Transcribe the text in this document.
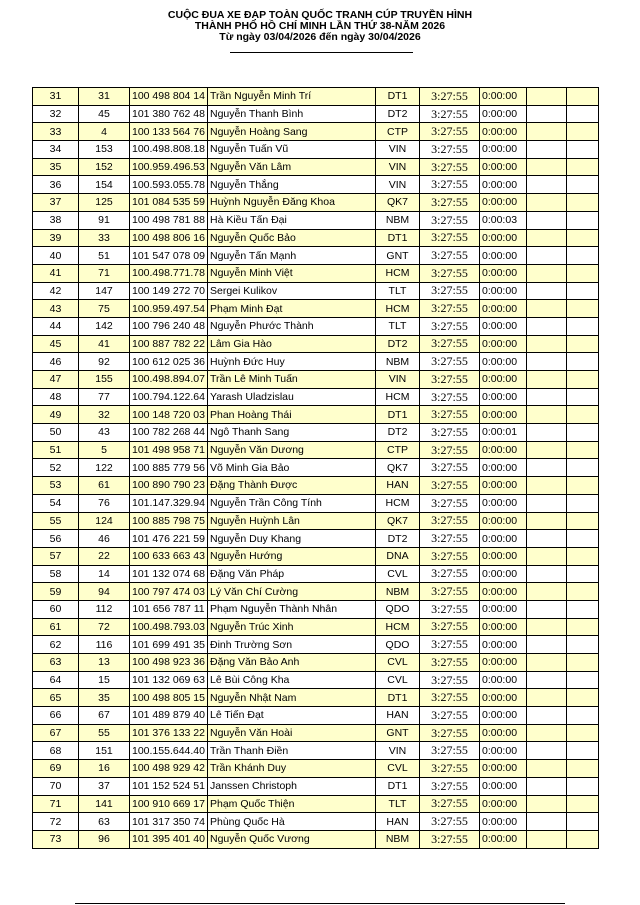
CUỘC ĐUA XE ĐẠP TOÀN QUỐC TRANH CÚP TRUYỀN HÌNH
THÀNH PHỐ HỒ CHÍ MINH LẦN THỨ 38-NĂM 2026
Từ ngày 03/04/2026 đến ngày 30/04/2026
31	31	100 498 804 14	Trần Nguyễn Minh Trí	DT1	3:27:55	0:00:00		
32	45	101 380 762 48	Nguyễn Thanh Bình	DT2	3:27:55	0:00:00		
33	4	100 133 564 76	Nguyễn Hoàng Sang	CTP	3:27:55	0:00:00		
34	153	100.498.808.18	Nguyễn Tuấn Vũ	VIN	3:27:55	0:00:00		
35	152	100.959.496.53	Nguyễn Văn Lâm	VIN	3:27:55	0:00:00		
36	154	100.593.055.78	Nguyễn Thắng	VIN	3:27:55	0:00:00		
37	125	101 084 535 59	Huỳnh Nguyễn Đăng Khoa	QK7	3:27:55	0:00:00		
38	91	100 498 781 88	Hà Kiều Tấn Đại	NBM	3:27:55	0:00:03		
39	33	100 498 806 16	Nguyễn Quốc Bảo	DT1	3:27:55	0:00:00		
40	51	101 547 078 09	Nguyễn Tấn Mạnh	GNT	3:27:55	0:00:00		
41	71	100.498.771.78	Nguyễn Minh Việt	HCM	3:27:55	0:00:00		
42	147	100 149 272 70	Sergei Kulikov	TLT	3:27:55	0:00:00		
43	75	100.959.497.54	Phạm Minh Đạt	HCM	3:27:55	0:00:00		
44	142	100 796 240 48	Nguyễn Phước Thành	TLT	3:27:55	0:00:00		
45	41	100 887 782 22	Lâm Gia Hào	DT2	3:27:55	0:00:00		
46	92	100 612 025 36	Huỳnh Đức Huy	NBM	3:27:55	0:00:00		
47	155	100.498.894.07	Trần Lê Minh Tuấn	VIN	3:27:55	0:00:00		
48	77	100.794.122.64	Yarash Uladzislau	HCM	3:27:55	0:00:00		
49	32	100 148 720 03	Phan Hoàng Thái	DT1	3:27:55	0:00:00		
50	43	100 782 268 44	Ngô Thanh Sang	DT2	3:27:55	0:00:01		
51	5	101 498 958 71	Nguyễn Văn Dương	CTP	3:27:55	0:00:00		
52	122	100 885 779 56	Võ Minh Gia Bảo	QK7	3:27:55	0:00:00		
53	61	100 890 790 23	Đặng Thành Được	HAN	3:27:55	0:00:00		
54	76	101.147.329.94	Nguyễn Trần Công Tính	HCM	3:27:55	0:00:00		
55	124	100 885 798 75	Nguyễn Huỳnh Lân	QK7	3:27:55	0:00:00		
56	46	101 476 221 59	Nguyễn Duy Khang	DT2	3:27:55	0:00:00		
57	22	100 633 663 43	Nguyễn Hướng	DNA	3:27:55	0:00:00		
58	14	101 132 074 68	Đặng Văn Pháp	CVL	3:27:55	0:00:00		
59	94	100 797 474 03	Lý Văn Chí Cường	NBM	3:27:55	0:00:00		
60	112	101 656 787 11	Phạm Nguyễn Thành Nhân	QDO	3:27:55	0:00:00		
61	72	100.498.793.03	Nguyễn Trúc Xinh	HCM	3:27:55	0:00:00		
62	116	101 699 491 35	Đinh Trường Sơn	QDO	3:27:55	0:00:00		
63	13	100 498 923 36	Đặng Văn Bảo Anh	CVL	3:27:55	0:00:00		
64	15	101 132 069 63	Lê Bùi Công Kha	CVL	3:27:55	0:00:00		
65	35	100 498 805 15	Nguyễn Nhật Nam	DT1	3:27:55	0:00:00		
66	67	101 489 879 40	Lê Tiến Đạt	HAN	3:27:55	0:00:00		
67	55	101 376 133 22	Nguyễn Văn Hoài	GNT	3:27:55	0:00:00		
68	151	100.155.644.40	Trần Thanh Điền	VIN	3:27:55	0:00:00		
69	16	100 498 929 42	Trần Khánh Duy	CVL	3:27:55	0:00:00		
70	37	101 152 524 51	Janssen Christoph	DT1	3:27:55	0:00:00		
71	141	100 910 669 17	Phạm Quốc Thiện	TLT	3:27:55	0:00:00		
72	63	101 317 350 74	Phùng Quốc Hà	HAN	3:27:55	0:00:00		
73	96	101 395 401 40	Nguyễn Quốc Vương	NBM	3:27:55	0:00:00		
